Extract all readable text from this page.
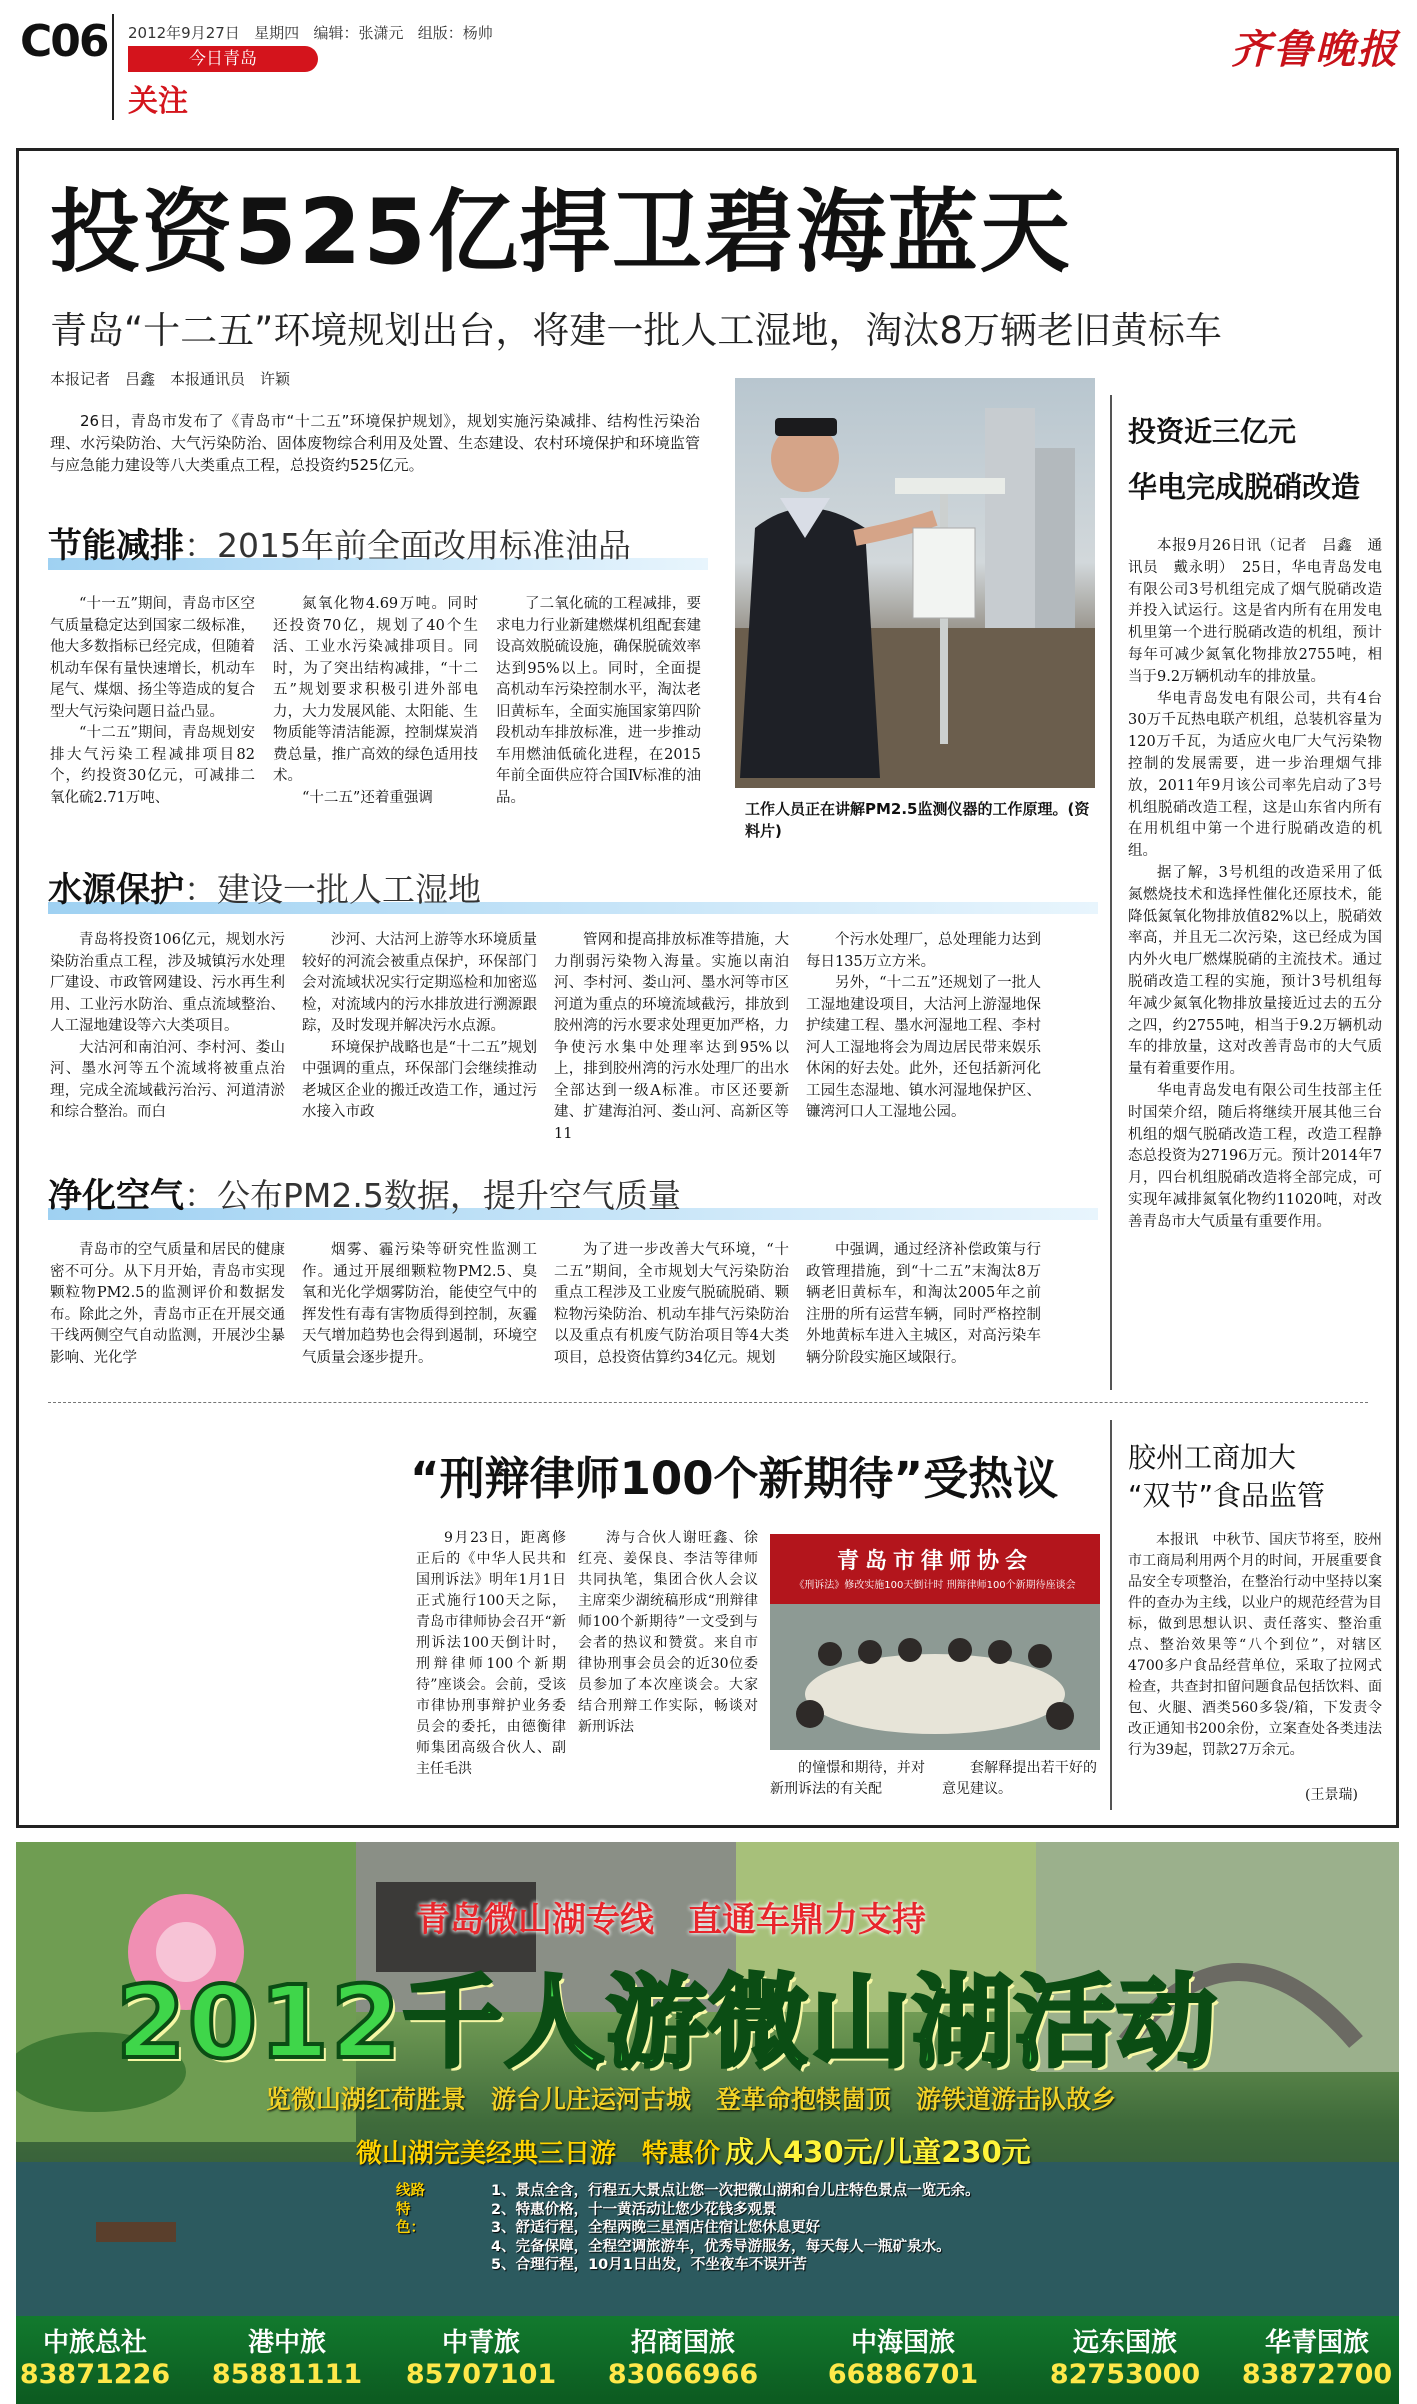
C06 2012年9月27日 星期四 编辑：张潇元 组版：杨帅
今日青岛
关注
齐鲁晚报
投资525亿捍卫碧海蓝天
青岛“十二五”环境规划出台，将建一批人工湿地，淘汰8万辆老旧黄标车
本报记者　吕鑫　本报通讯员　许颖

26日，青岛市发布了《青岛市“十二五”环境保护规划》，规划实施污染减排、结构性污染治理、水污染防治、大气污染防治、固体废物综合利用及处置、生态建设、农村环境保护和环境监管与应急能力建设等八大类重点工程，总投资约525亿元。

工作人员正在讲解PM2.5监测仪器的工作原理。(资料片)
节能减排：2015年前全面改用标准油品

“十一五”期间，青岛市区空气质量稳定达到国家二级标准，他大多数指标已经完成，但随着机动车保有量快速增长，机动车尾气、煤烟、扬尘等造成的复合型大气污染问题日益凸显。

“十二五”期间，青岛规划安排大气污染工程减排项目82个，约投资30亿元，可减排二氧化硫2.71万吨、

氮氧化物4.69万吨。同时还投资70亿，规划了40个生活、工业水污染减排项目。同时，为了突出结构减排，“十二五”规划要求积极引进外部电力，大力发展风能、太阳能、生物质能等清洁能源，控制煤炭消费总量，推广高效的绿色适用技术。

“十二五”还着重强调

了二氧化硫的工程减排，要求电力行业新建燃煤机组配套建设高效脱硫设施，确保脱硫效率达到95%以上。同时，全面提高机动车污染控制水平，淘汰老旧黄标车，全面实施国家第四阶段机动车排放标准，进一步推动车用燃油低硫化进程，在2015年前全面供应符合国Ⅳ标准的油品。

水源保护：建设一批人工湿地

青岛将投资106亿元，规划水污染防治重点工程，涉及城镇污水处理厂建设、市政管网建设、污水再生利用、工业污水防治、重点流域整治、人工湿地建设等六大类项目。

大沽河和南泊河、李村河、娄山河、墨水河等五个流域将被重点治理，完成全流域截污治污、河道清淤和综合整治。而白

沙河、大沽河上游等水环境质量较好的河流会被重点保护，环保部门会对流域状况实行定期巡检和加密巡检，对流域内的污水排放进行溯源跟踪，及时发现并解决污水点源。

环境保护战略也是“十二五”规划中强调的重点，环保部门会继续推动老城区企业的搬迁改造工作，通过污水接入市政

管网和提高排放标准等措施，大力削弱污染物入海量。实施以南泊河、李村河、娄山河、墨水河等市区河道为重点的环境流域截污，排放到胶州湾的污水要求处理更加严格，力争使污水集中处理率达到95%以上，排到胶州湾的污水处理厂的出水全部达到一级A标准。市区还要新建、扩建海泊河、娄山河、高新区等11

个污水处理厂，总处理能力达到每日135万立方米。

另外，“十二五”还规划了一批人工湿地建设项目，大沽河上游湿地保护续建工程、墨水河湿地工程、李村河人工湿地将会为周边居民带来娱乐休闲的好去处。此外，还包括新河化工园生态湿地、镇水河湿地保护区、镰湾河口人工湿地公园。

净化空气：公布PM2.5数据，提升空气质量

青岛市的空气质量和居民的健康密不可分。从下月开始，青岛市实现颗粒物PM2.5的监测评价和数据发布。除此之外，青岛市正在开展交通干线两侧空气自动监测，开展沙尘暴影响、光化学

烟雾、霾污染等研究性监测工作。通过开展细颗粒物PM2.5、臭氧和光化学烟雾防治，能使空气中的挥发性有毒有害物质得到控制，灰霾天气增加趋势也会得到遏制，环境空气质量会逐步提升。

为了进一步改善大气环境，“十二五”期间，全市规划大气污染防治重点工程涉及工业废气脱硫脱硝、颗粒物污染防治、机动车排气污染防治以及重点有机废气防治项目等4大类项目，总投资估算约34亿元。规划

中强调，通过经济补偿政策与行政管理措施，到“十二五”末淘汰8万辆老旧黄标车，和淘汰2005年之前注册的所有运营车辆，同时严格控制外地黄标车进入主城区，对高污染车辆分阶段实施区域限行。

投资近三亿元
华电完成脱硝改造

本报9月26日讯（记者　吕鑫　通讯员　戴永明）　25日，华电青岛发电有限公司3号机组完成了烟气脱硝改造并投入试运行。这是省内所有在用发电机里第一个进行脱硝改造的机组，预计每年可减少氮氧化物排放2755吨，相当于9.2万辆机动车的排放量。

华电青岛发电有限公司，共有4台30万千瓦热电联产机组，总装机容量为120万千瓦，为适应火电厂大气污染物控制的发展需要，进一步治理烟气排放，2011年9月该公司率先启动了3号机组脱硝改造工程，这是山东省内所有在用机组中第一个进行脱硝改造的机组。

据了解，3号机组的改造采用了低氮燃烧技术和选择性催化还原技术，能降低氮氧化物排放值82%以上，脱硝效率高，并且无二次污染，这已经成为国内外火电厂燃煤脱硝的主流技术。通过脱硝改造工程的实施，预计3号机组每年减少氮氧化物排放量接近过去的五分之四，约2755吨，相当于9.2万辆机动车的排放量，这对改善青岛市的大气质量有着重要作用。

华电青岛发电有限公司生技部主任时国荣介绍，随后将继续开展其他三台机组的烟气脱硝改造工程，改造工程静态总投资为27196万元。预计2014年7月，四台机组脱硝改造将全部完成，可实现年减排氮氧化物约11020吨，对改善青岛市大气质量有重要作用。

“刑辩律师100个新期待”受热议

9月23日，距离修正后的《中华人民共和国刑诉法》明年1月1日正式施行100天之际，青岛市律师协会召开“新刑诉法100天倒计时，刑辩律师100个新期待”座谈会。会前，受该市律协刑事辩护业务委员会的委托，由德衡律师集团高级合伙人、副主任毛洪

涛与合伙人谢旺鑫、徐红亮、姜保良、李洁等律师共同执笔，集团合伙人会议主席栾少湖统稿形成“刑辩律师100个新期待”一文受到与会者的热议和赞赏。来自市律协刑事会员会的近30位委员参加了本次座谈会。大家结合刑辩工作实际，畅谈对新刑诉法

青岛市律师协会
《刑诉法》修改实施100天倒计时 刑辩律师100个新期待座谈会

的憧憬和期待，并对新刑诉法的有关配

套解释提出若干好的意见建议。

胶州工商加大
“双节”食品监管

本报讯　中秋节、国庆节将至，胶州市工商局利用两个月的时间，开展重要食品安全专项整治，在整治行动中坚持以案件的查办为主线，以业户的规范经营为目标，做到思想认识、责任落实、整治重点、整治效果等“八个到位”，对辖区4700多户食品经营单位，采取了拉网式检查，共查封扣留问题食品包括饮料、面包、火腿、酒类560多袋/箱，下发责令改正通知书200余份，立案查处各类违法行为39起，罚款27万余元。

(王景瑞)
青岛微山湖专线　直通车鼎力支持
2012千人游微山湖活动
览微山湖红荷胜景　游台儿庄运河古城　登革命抱犊崮顶　游铁道游击队故乡
微山湖完美经典三日游　特惠价 成人430元/儿童230元
线路特色：
1、景点全含，行程五大景点让您一次把微山湖和台儿庄特色景点一览无余。
2、特惠价格，十一黄活动让您少花钱多观景
3、舒适行程，全程两晚三星酒店住宿让您休息更好
4、完备保障，全程空调旅游车，优秀导游服务，每天每人一瓶矿泉水。
5、合理行程，10月1日出发，不坐夜车不误开苦
中旅总社
83871226
港中旅
85881111
中青旅
85707101
招商国旅
83066966
中海国旅
66886701
远东国旅
82753000
华青国旅
83872700
